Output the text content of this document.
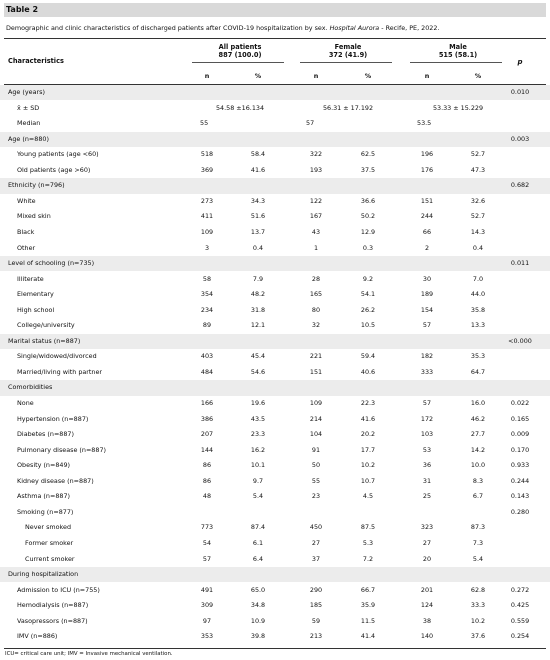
Table 2
Demographic and clinic characteristics of discharged patients after COVID-19 hospitalization by sex. Hospital Aurora - Recife, PE, 2022.
Characteristics
All patients
887 (100.0)
Female
372 (41.9)
Male
515 (58.1)
p
n	%	n	%	n	%
Age (years)	0.010
x̄ ± SD	54.58 ±16.134	56.31 ± 17.192	53.33 ± 15.229
Median	55	57	53.5
Age (n=880)	0.003
Young patients (age <60)	518	58.4	322	62.5	196	52.7
Old patients (age >60)	369	41.6	193	37.5	176	47.3
Ethnicity (n=796)	0.682
White	273	34.3	122	36.6	151	32.6
Mixed skin	411	51.6	167	50.2	244	52.7
Black	109	13.7	43	12.9	66	14.3
Other	3	0.4	1	0.3	2	0.4
Level of schooling (n=735)	0.011
Illiterate	58	7.9	28	9.2	30	7.0
Elementary	354	48.2	165	54.1	189	44.0
High school	234	31.8	80	26.2	154	35.8
College/university	89	12.1	32	10.5	57	13.3
Marital status (n=887)	<0.000
Single/widowed/divorced	403	45.4	221	59.4	182	35.3
Married/living with partner	484	54.6	151	40.6	333	64.7
Comorbidities
None	166	19.6	109	22.3	57	16.0	0.022
Hypertension (n=887)	386	43.5	214	41.6	172	46.2	0.165
Diabetes (n=887)	207	23.3	104	20.2	103	27.7	0.009
Pulmonary disease (n=887)	144	16.2	91	17.7	53	14.2	0.170
Obesity (n=849)	86	10.1	50	10.2	36	10.0	0.933
Kidney disease (n=887)	86	9.7	55	10.7	31	8.3	0.244
Asthma (n=887)	48	5.4	23	4.5	25	6.7	0.143
Smoking (n=877)	0.280
Never smoked	773	87.4	450	87.5	323	87.3
Former smoker	54	6.1	27	5.3	27	7.3
Current smoker	57	6.4	37	7.2	20	5.4
During hospitalization
Admission to ICU (n=755)	491	65.0	290	66.7	201	62.8	0.272
Hemodialysis (n=887)	309	34.8	185	35.9	124	33.3	0.425
Vasopressors (n=887)	97	10.9	59	11.5	38	10.2	0.559
IMV (n=886)	353	39.8	213	41.4	140	37.6	0.254
ICU= critical care unit; IMV = Invasive mechanical ventilation.
